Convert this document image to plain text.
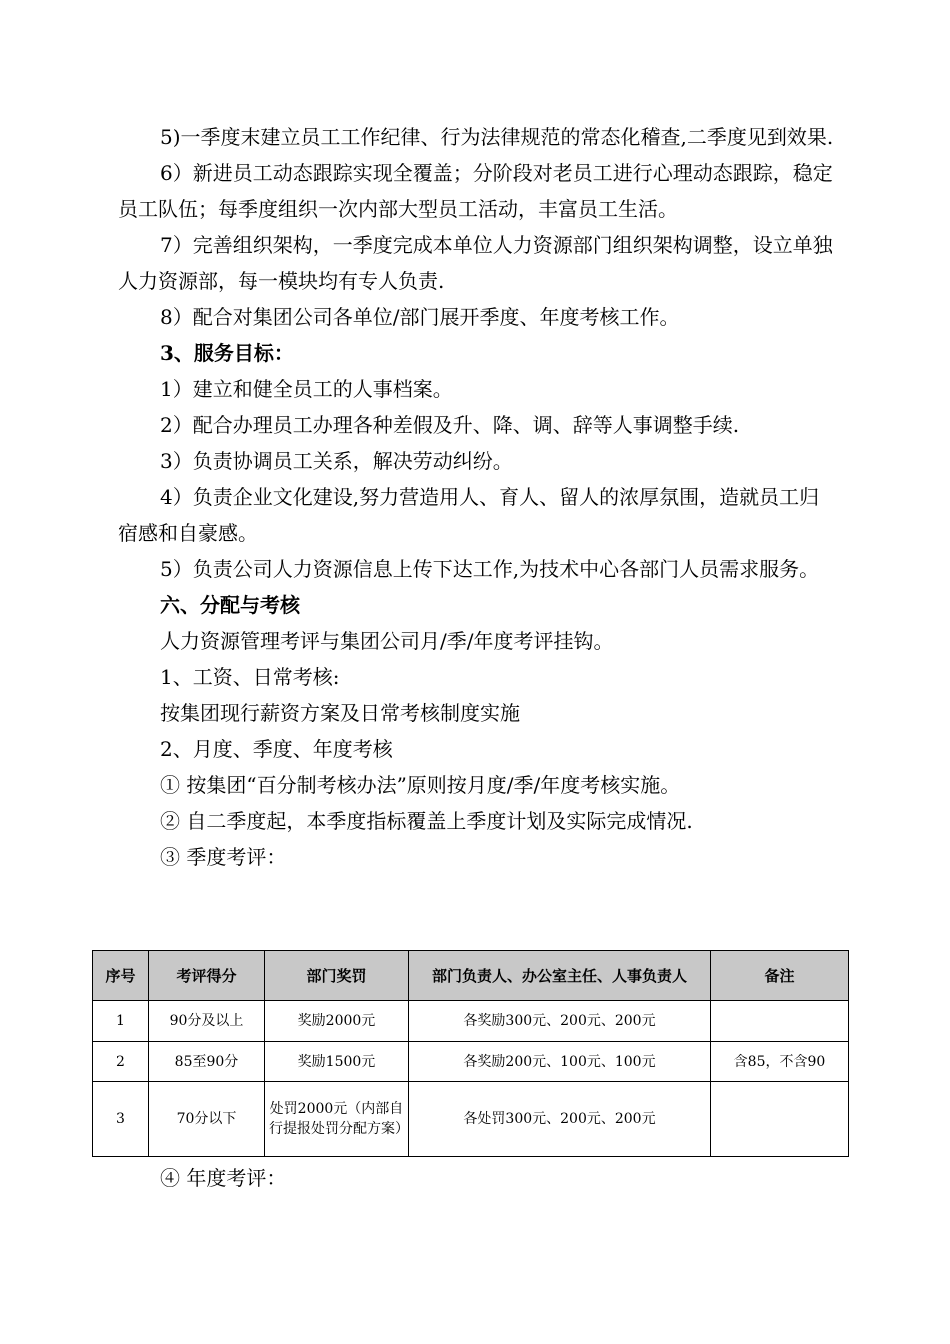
5)一季度末建立员工工作纪律、行为法律规范的常态化稽查,二季度见到效果.

6）新进员工动态跟踪实现全覆盖；分阶段对老员工进行心理动态跟踪，稳定员工队伍；每季度组织一次内部大型员工活动，丰富员工生活。

7）完善组织架构，一季度完成本单位人力资源部门组织架构调整，设立单独人力资源部，每一模块均有专人负责.

8）配合对集团公司各单位/部门展开季度、年度考核工作。

3、服务目标：

1）建立和健全员工的人事档案。

2）配合办理员工办理各种差假及升、降、调、辞等人事调整手续.

3）负责协调员工关系，解决劳动纠纷。

4）负责企业文化建设,努力营造用人、育人、留人的浓厚氛围，造就员工归宿感和自豪感。

5）负责公司人力资源信息上传下达工作,为技术中心各部门人员需求服务。

六、分配与考核

人力资源管理考评与集团公司月/季/年度考评挂钩。

1、工资、日常考核:

按集团现行薪资方案及日常考核制度实施

2、月度、季度、年度考核

① 按集团“百分制考核办法”原则按月度/季/年度考核实施。

② 自二季度起，本季度指标覆盖上季度计划及实际完成情况.

③ 季度考评：

序号	考评得分	部门奖罚	部门负责人、办公室主任、人事负责人	备注
1	90分及以上	奖励2000元	各奖励300元、200元、200元	
2	85至90分	奖励1500元	各奖励200元、100元、100元	含85，不含90
3	70分以下	处罚2000元（内部自行提报处罚分配方案）	各处罚300元、200元、200元	

④ 年度考评：
